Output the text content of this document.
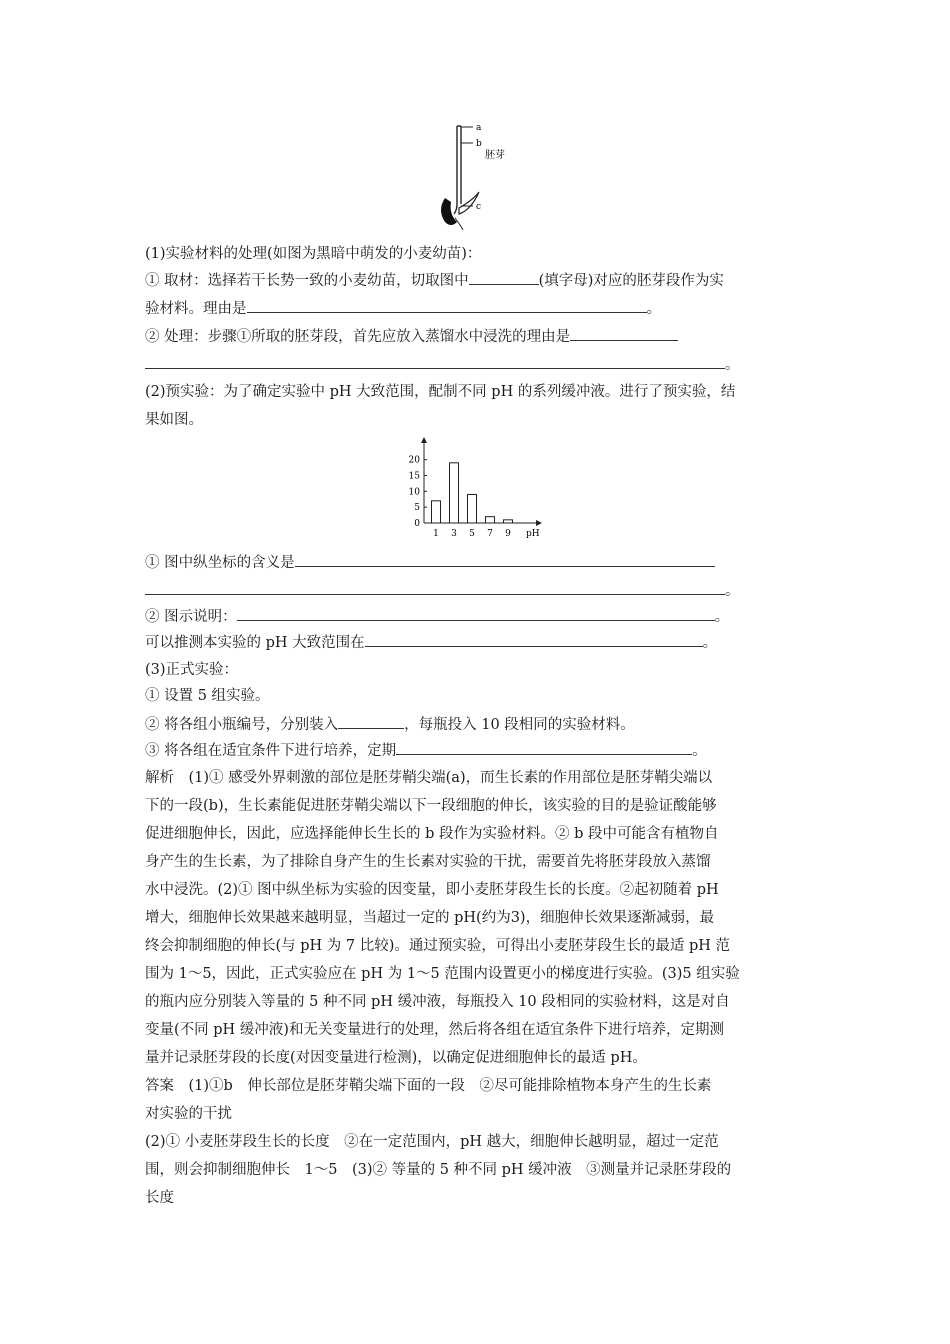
a
b
胚芽
c
(1)实验材料的处理(如图为黑暗中萌发的小麦幼苗)：
① 取材：选择若干长势一致的小麦幼苗，切取图中	(填字母)对应的胚芽段作为实
验材料。理由是	。
② 处理：步骤①所取的胚芽段，首先应放入蒸馏水中浸洗的理由是
。
(2)预实验：为了确定实验中 pH 大致范围，配制不同 pH 的系列缓冲液。进行了预实验，结
果如图。
0
5
10
15
20
1 3 5 7 9 pH
① 图中纵坐标的含义是
。
② 图示说明：	。
可以推测本实验的 pH 大致范围在	。
(3)正式实验：
① 设置 5 组实验。
② 将各组小瓶编号，分别装入	，每瓶投入 10 段相同的实验材料。
③ 将各组在适宜条件下进行培养，定期	。
解析　(1)① 感受外界刺激的部位是胚芽鞘尖端(a)，而生长素的作用部位是胚芽鞘尖端以
下的一段(b)，生长素能促进胚芽鞘尖端以下一段细胞的伸长，该实验的目的是验证酸能够
促进细胞伸长，因此，应选择能伸长生长的 b 段作为实验材料。② b 段中可能含有植物自
身产生的生长素，为了排除自身产生的生长素对实验的干扰，需要首先将胚芽段放入蒸馏
水中浸洗。(2)① 图中纵坐标为实验的因变量，即小麦胚芽段生长的长度。②起初随着 pH
增大，细胞伸长效果越来越明显，当超过一定的 pH(约为3)，细胞伸长效果逐渐减弱，最
终会抑制细胞的伸长(与 pH 为 7 比较)。通过预实验，可得出小麦胚芽段生长的最适 pH 范
围为 1～5，因此，正式实验应在 pH 为 1～5 范围内设置更小的梯度进行实验。(3)5 组实验
的瓶内应分别装入等量的 5 种不同 pH 缓冲液，每瓶投入 10 段相同的实验材料，这是对自
变量(不同 pH 缓冲液)和无关变量进行的处理，然后将各组在适宜条件下进行培养，定期测
量并记录胚芽段的长度(对因变量进行检测)，以确定促进细胞伸长的最适 pH。
答案　(1)①b　伸长部位是胚芽鞘尖端下面的一段　②尽可能排除植物本身产生的生长素
对实验的干扰
(2)① 小麦胚芽段生长的长度　②在一定范围内，pH 越大，细胞伸长越明显，超过一定范
围，则会抑制细胞伸长　1～5　(3)② 等量的 5 种不同 pH 缓冲液　③测量并记录胚芽段的
长度
